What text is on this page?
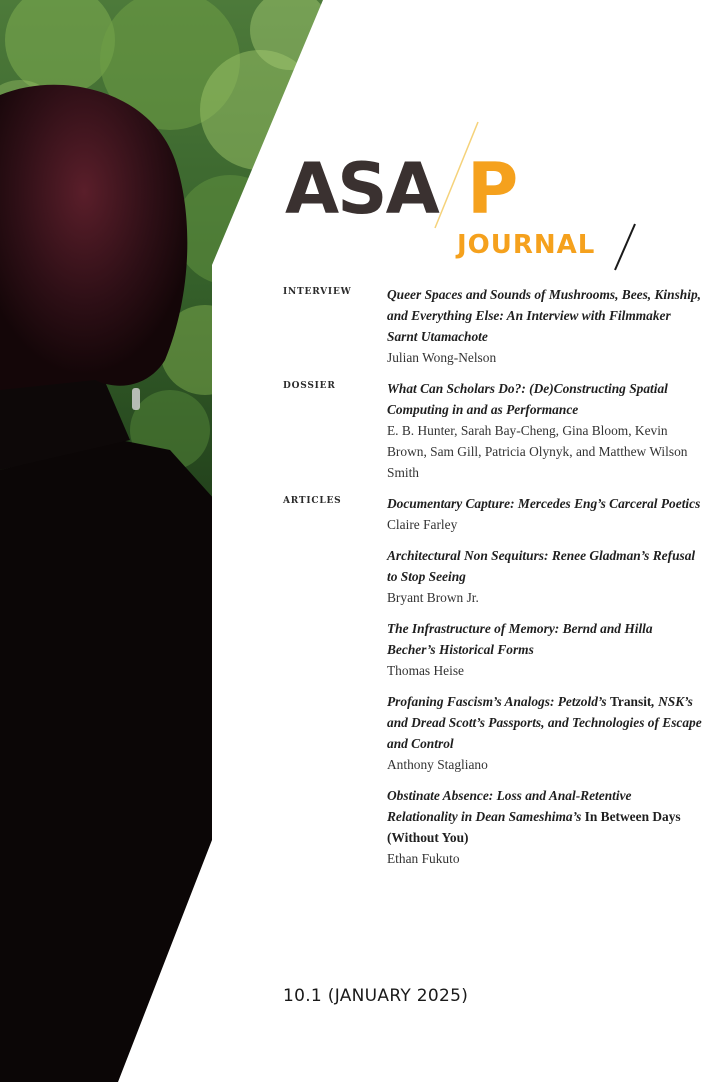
ASA P
JOURNAL
INTERVIEW	Queer Spaces and Sounds of Mushrooms, Bees, Kinship, and Everything Else: An Interview with Filmmaker Sarnt Utamachote
Julian Wong-Nelson
DOSSIER	What Can Scholars Do?: (De)Constructing Spatial Computing in and as Performance
E. B. Hunter, Sarah Bay-Cheng, Gina Bloom, Kevin Brown, Sam Gill, Patricia Olynyk, and Matthew Wilson Smith
ARTICLES	Documentary Capture: Mercedes Eng’s Carceral Poetics
Claire Farley
Architectural Non Sequiturs: Renee Gladman’s Refusal to Stop Seeing
Bryant Brown Jr.
The Infrastructure of Memory: Bernd and Hilla Becher’s Historical Forms
Thomas Heise
Profaning Fascism’s Analogs: Petzold’s Transit, NSK’s and Dread Scott’s Passports, and Technologies of Escape and Control
Anthony Stagliano
Obstinate Absence: Loss and Anal-Retentive Relationality in Dean Sameshima’s In Between Days (Without You)
Ethan Fukuto
10.1 (JANUARY 2025)
